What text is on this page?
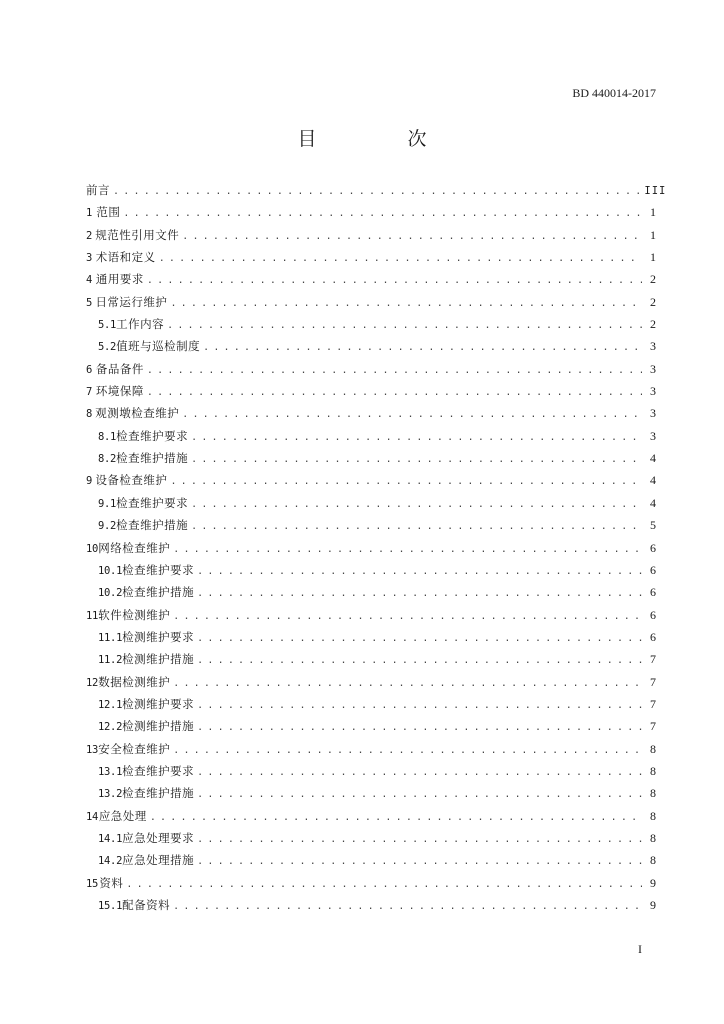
BD 440014-2017
目　次
前言 . . .	III
1 范围 . . .	1
2 规范性引用文件 . . .	1
3 术语和定义 . . .	1
4 通用要求 . . .	2
5 日常运行维护 . . .	2
5.1 工作内容 . . .	2
5.2 值班与巡检制度 . . .	3
6 备品备件 . . .	3
7 环境保障 . . .	3
8 观测墩检查维护 . . .	3
8.1 检查维护要求 . . .	3
8.2 检查维护措施 . . .	4
9 设备检查维护 . . .	4
9.1 检查维护要求 . . .	4
9.2 检查维护措施 . . .	5
10 网络检查维护 . . .	6
10.1 检查维护要求 . . .	6
10.2 检查维护措施 . . .	6
11 软件检测维护 . . .	6
11.1 检测维护要求 . . .	6
11.2 检测维护措施 . . .	7
12 数据检测维护 . . .	7
12.1 检测维护要求 . . .	7
12.2 检测维护措施 . . .	7
13 安全检查维护 . . .	8
13.1 检查维护要求 . . .	8
13.2 检查维护措施 . . .	8
14 应急处理 . . .	8
14.1 应急处理要求 . . .	8
14.2 应急处理措施 . . .	8
15 资料 . . .	9
15.1 配备资料 . . .	9
I
